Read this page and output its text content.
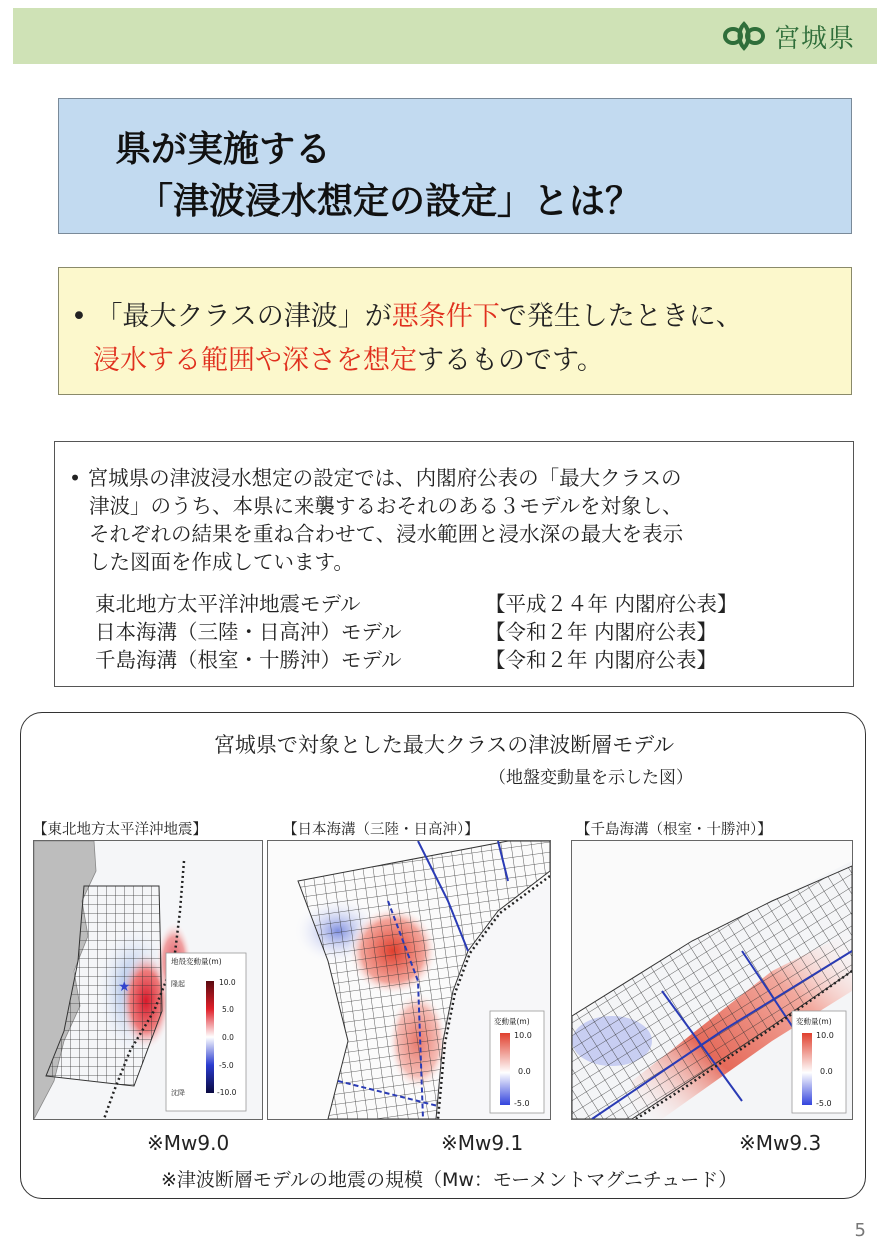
宮城県
県が実施する
「津波浸水想定の設定」とは？
• 「最大クラスの津波」が悪条件下で発生したときに、
浸水する範囲や深さを想定するものです。
• 宮城県の津波浸水想定の設定では、内閣府公表の「最大クラスの
津波」のうち、本県に来襲するおそれのある３モデルを対象し、
それぞれの結果を重ね合わせて、浸水範囲と浸水深の最大を表示
した図面を作成しています。
東北地方太平洋沖地震モデル	【平成２４年 内閣府公表】
日本海溝（三陸・日高沖）モデル	【令和２年 内閣府公表】
千島海溝（根室・十勝沖）モデル	【令和２年 内閣府公表】
宮城県で対象とした最大クラスの津波断層モデル
（地盤変動量を示した図）
【東北地方太平洋沖地震】	【日本海溝（三陸・日高沖）】	【千島海溝（根室・十勝沖）】
★
地殻変動量(m)
隆起
沈降
10.0
5.0
0.0
-5.0
-10.0
変動量(m)
10.0
0.0
-5.0
変動量(m)
10.0
0.0
-5.0
※Mw9.0	※Mw9.1	※Mw9.3
※津波断層モデルの地震の規模（Mw：モーメントマグニチュード）
5
